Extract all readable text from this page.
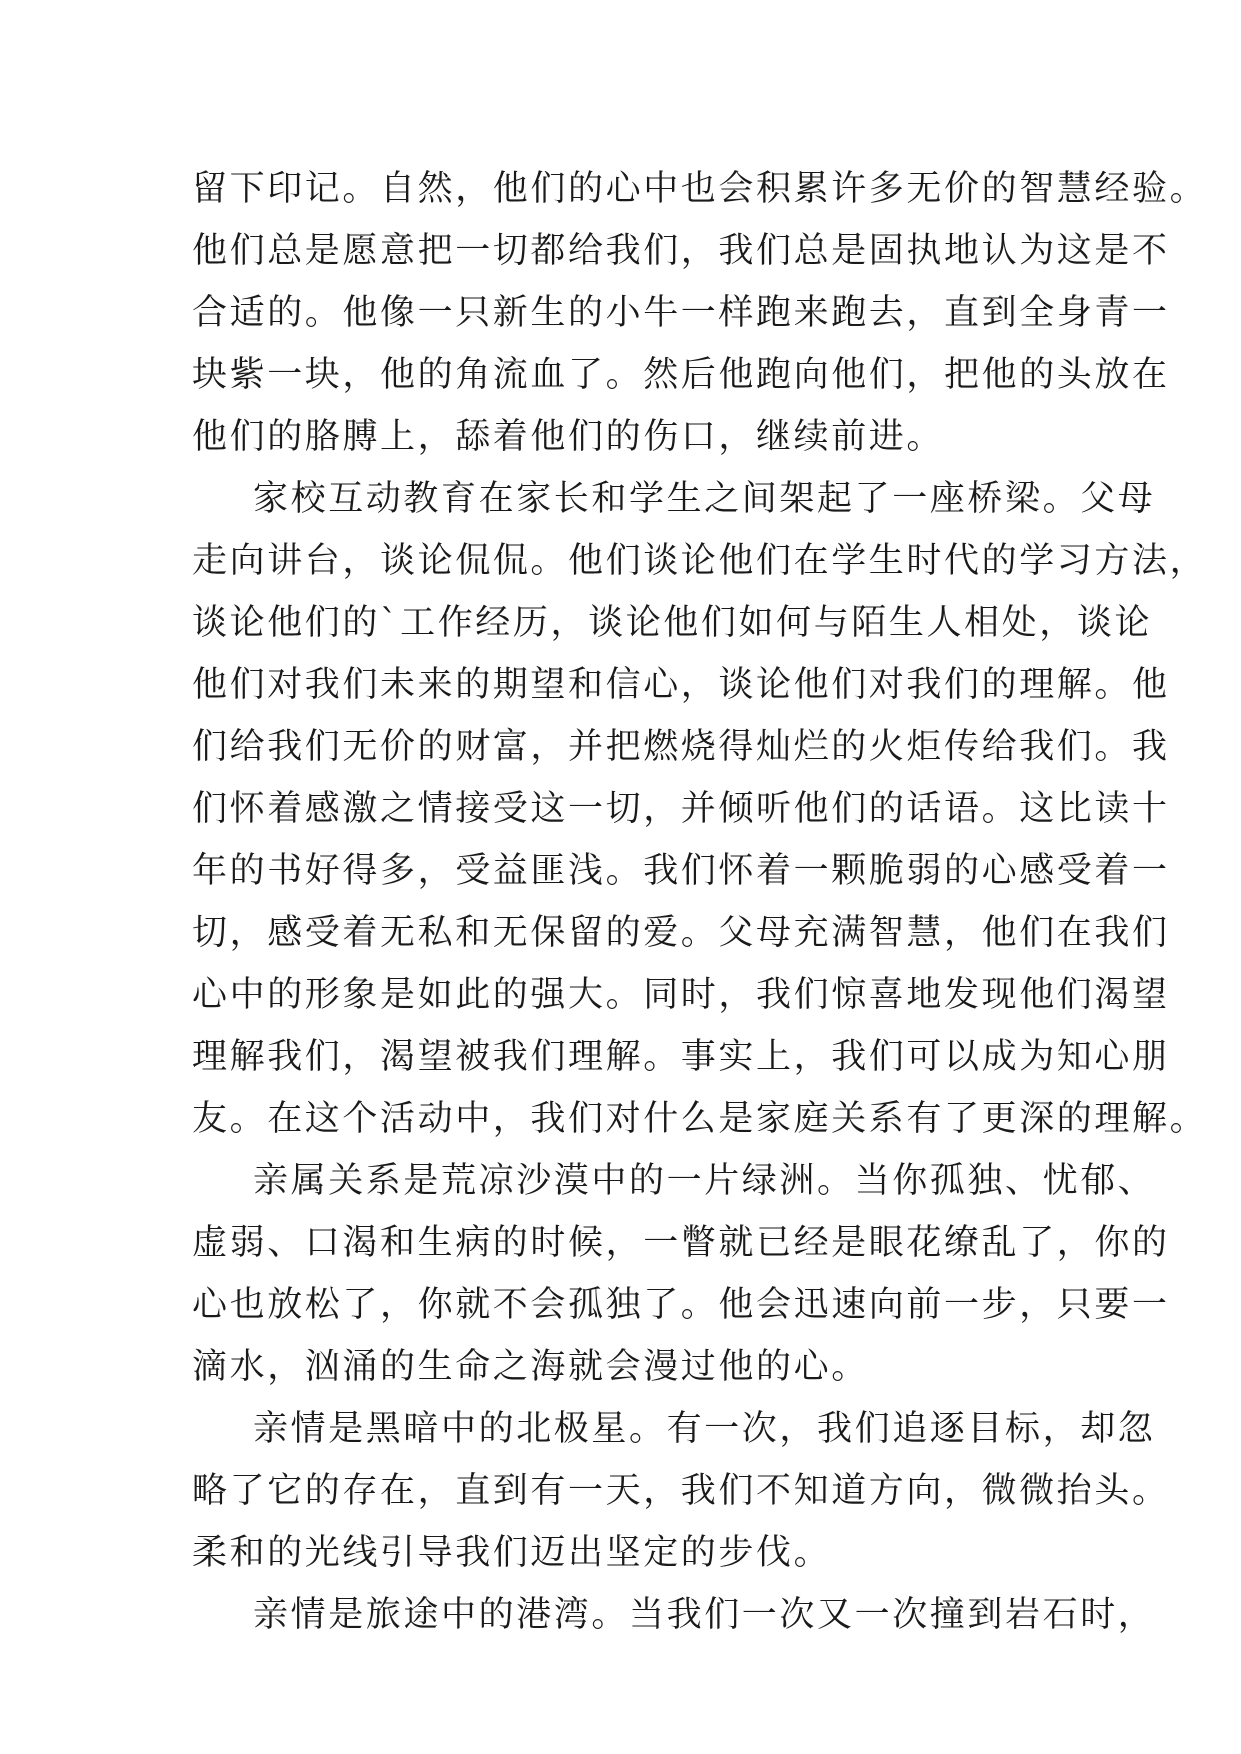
留下印记。自然，他们的心中也会积累许多无价的智慧经验。
他们总是愿意把一切都给我们，我们总是固执地认为这是不
合适的。他像一只新生的小牛一样跑来跑去，直到全身青一
块紫一块，他的角流血了。然后他跑向他们，把他的头放在
他们的胳膊上，舔着他们的伤口，继续前进。
家校互动教育在家长和学生之间架起了一座桥梁。父母
走向讲台，谈论侃侃。他们谈论他们在学生时代的学习方法，
谈论他们的`工作经历，谈论他们如何与陌生人相处，谈论
他们对我们未来的期望和信心，谈论他们对我们的理解。他
们给我们无价的财富，并把燃烧得灿烂的火炬传给我们。我
们怀着感激之情接受这一切，并倾听他们的话语。这比读十
年的书好得多，受益匪浅。我们怀着一颗脆弱的心感受着一
切，感受着无私和无保留的爱。父母充满智慧，他们在我们
心中的形象是如此的强大。同时，我们惊喜地发现他们渴望
理解我们，渴望被我们理解。事实上，我们可以成为知心朋
友。在这个活动中，我们对什么是家庭关系有了更深的理解。
亲属关系是荒凉沙漠中的一片绿洲。当你孤独、忧郁、
虚弱、口渴和生病的时候，一瞥就已经是眼花缭乱了，你的
心也放松了，你就不会孤独了。他会迅速向前一步，只要一
滴水，汹涌的生命之海就会漫过他的心。
亲情是黑暗中的北极星。有一次，我们追逐目标，却忽
略了它的存在，直到有一天，我们不知道方向，微微抬头。
柔和的光线引导我们迈出坚定的步伐。
亲情是旅途中的港湾。当我们一次又一次撞到岩石时，
